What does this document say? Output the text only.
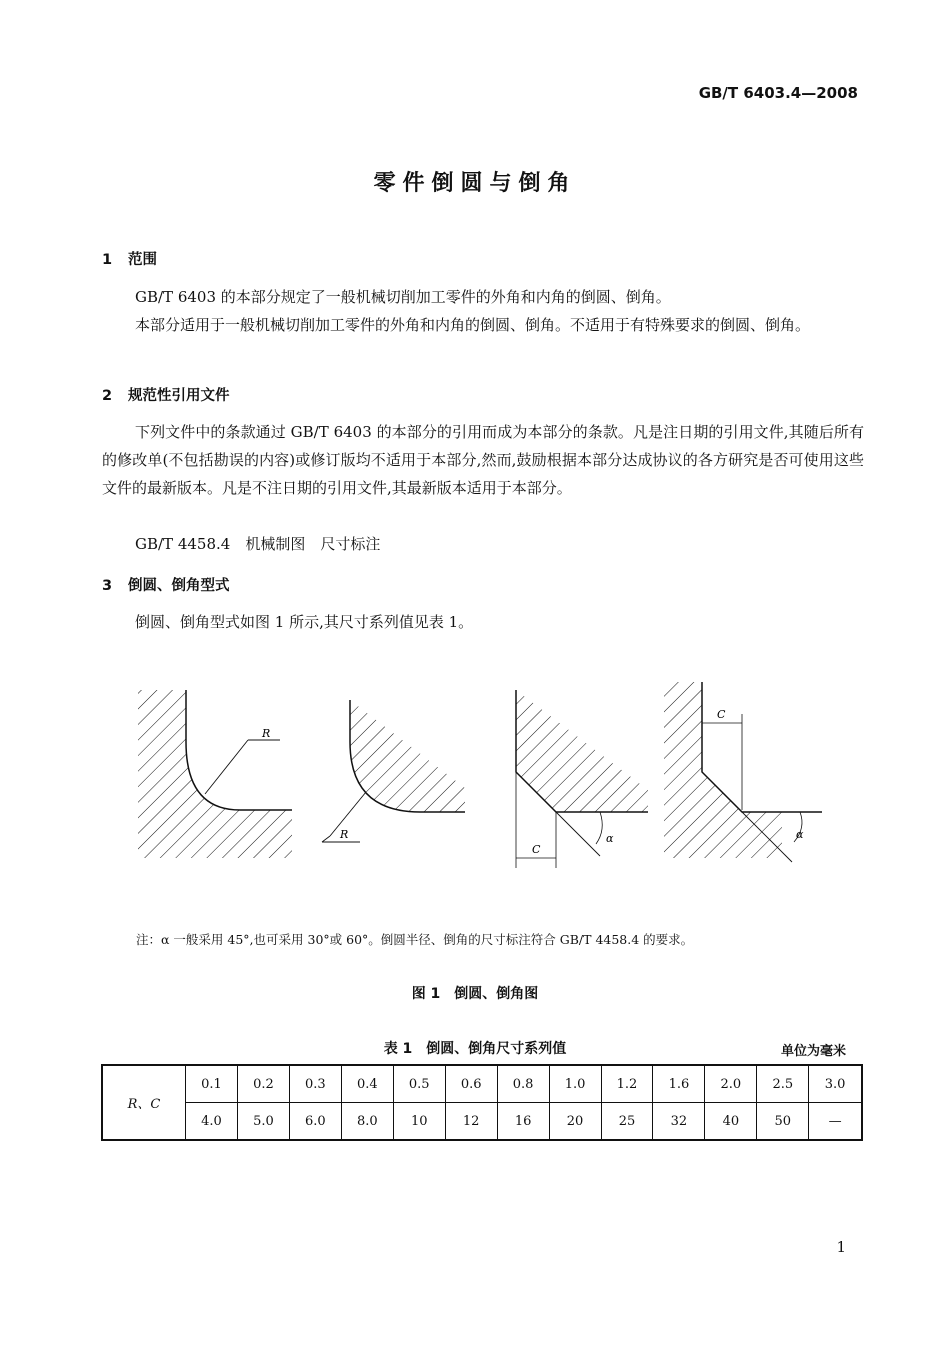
GB/T 6403.4—2008
零件倒圆与倒角
1 范围
GB/T 6403 的本部分规定了一般机械切削加工零件的外角和内角的倒圆、倒角。
本部分适用于一般机械切削加工零件的外角和内角的倒圆、倒角。不适用于有特殊要求的倒圆、倒角。
2 规范性引用文件
下列文件中的条款通过 GB/T 6403 的本部分的引用而成为本部分的条款。凡是注日期的引用文件,其随后所有的修改单(不包括勘误的内容)或修订版均不适用于本部分,然而,鼓励根据本部分达成协议的各方研究是否可使用这些文件的最新版本。凡是不注日期的引用文件,其最新版本适用于本部分。
GB/T 4458.4　机械制图　尺寸标注
3 倒圆、倒角型式
倒圆、倒角型式如图 1 所示,其尺寸系列值见表 1。
R
R
C
α
C
α
注：α 一般采用 45°,也可采用 30°或 60°。倒圆半径、倒角的尺寸标注符合 GB/T 4458.4 的要求。
图 1　倒圆、倒角图
表 1　倒圆、倒角尺寸系列值	单位为毫米
R、C	0.1	0.2	0.3	0.4	0.5	0.6	0.8	1.0	1.2	1.6	2.0	2.5	3.0
	4.0	5.0	6.0	8.0	10	12	16	20	25	32	40	50	—
1
